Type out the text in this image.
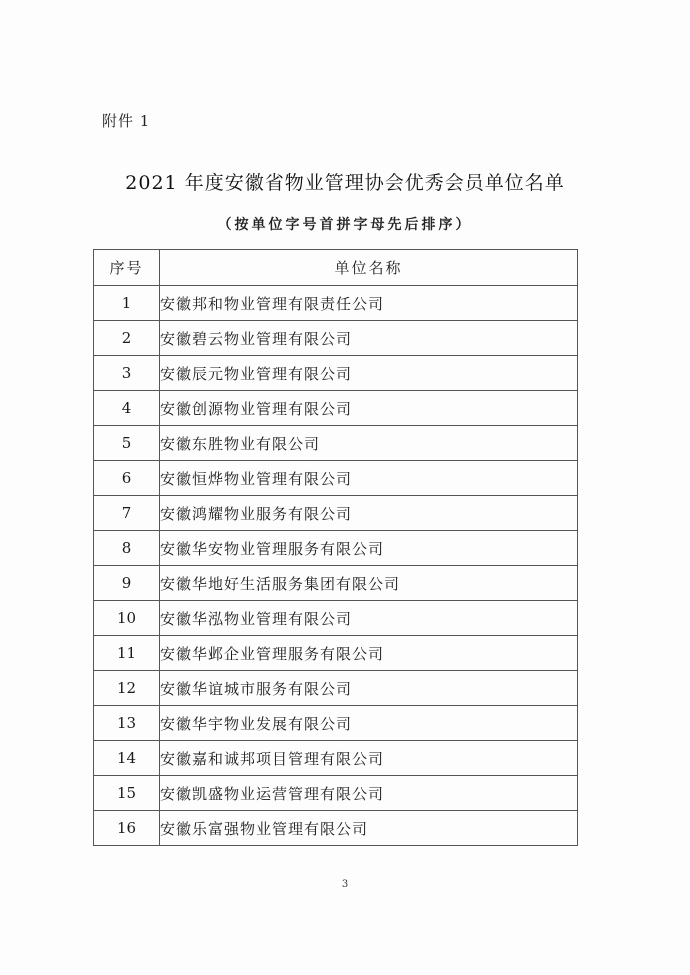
附件 1
2021 年度安徽省物业管理协会优秀会员单位名单
（按单位字号首拼字母先后排序）
序号	单位名称
1	安徽邦和物业管理有限责任公司
2	安徽碧云物业管理有限公司
3	安徽辰元物业管理有限公司
4	安徽创源物业管理有限公司
5	安徽东胜物业有限公司
6	安徽恒烨物业管理有限公司
7	安徽鸿耀物业服务有限公司
8	安徽华安物业管理服务有限公司
9	安徽华地好生活服务集团有限公司
10	安徽华泓物业管理有限公司
11	安徽华邺企业管理服务有限公司
12	安徽华谊城市服务有限公司
13	安徽华宇物业发展有限公司
14	安徽嘉和诚邦项目管理有限公司
15	安徽凯盛物业运营管理有限公司
16	安徽乐富强物业管理有限公司
3
